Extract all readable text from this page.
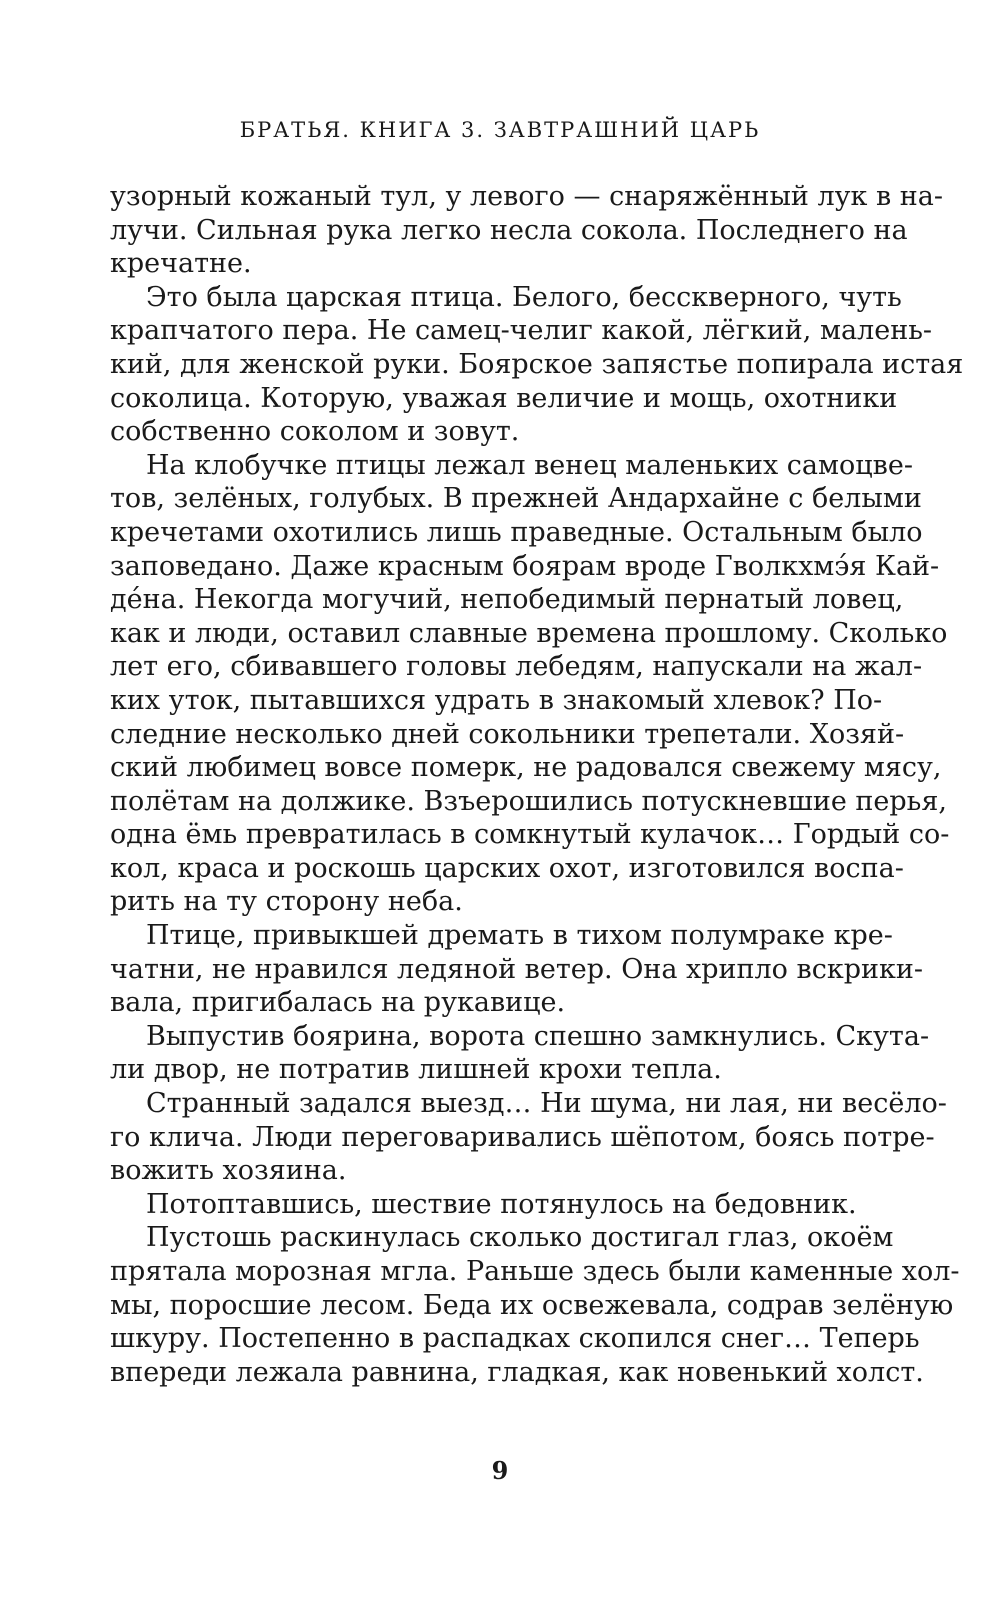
БРАТЬЯ. КНИГА 3. ЗАВТРАШНИЙ ЦАРЬ
узорный кожаный тул, у левого — снаряжённый лук в на-
лучи. Сильная рука легко несла сокола. Последнего на
кречатне.
Это была царская птица. Белого, бесскверного, чуть
крапчатого пера. Не самец-челиг какой, лёгкий, малень-
кий, для женской руки. Боярское запястье попирала истая
соколица. Которую, уважая величие и мощь, охотники
собственно соколом и зовут.
На клобучке птицы лежал венец маленьких самоцве-
тов, зелёных, голубых. В прежней Андархайне с белыми
кречетами охотились лишь праведные. Остальным было
заповедано. Даже красным боярам вроде Гволкхмэ́я Кай-
де́на. Некогда могучий, непобедимый пернатый ловец,
как и люди, оставил славные времена прошлому. Сколько
лет его, сбивавшего головы лебедям, напускали на жал-
ких уток, пытавшихся удрать в знакомый хлевок? По-
следние несколько дней сокольники трепетали. Хозяй-
ский любимец вовсе померк, не радовался свежему мясу,
полётам на должике. Взъерошились потускневшие перья,
одна ёмь превратилась в сомкнутый кулачок… Гордый со-
кол, краса и роскошь царских охот, изготовился воспа-
рить на ту сторону неба.
Птице, привыкшей дремать в тихом полумраке кре-
чатни, не нравился ледяной ветер. Она хрипло вскрики-
вала, пригибалась на рукавице.
Выпустив боярина, ворота спешно замкнулись. Скута-
ли двор, не потратив лишней крохи тепла.
Странный задался выезд… Ни шума, ни лая, ни весёло-
го клича. Люди переговаривались шёпотом, боясь потре-
вожить хозяина.
Потоптавшись, шествие потянулось на бедовник.
Пустошь раскинулась сколько достигал глаз, окоём
прятала морозная мгла. Раньше здесь были каменные хол-
мы, поросшие лесом. Беда их освежевала, содрав зелёную
шкуру. Постепенно в распадках скопился снег… Теперь
впереди лежала равнина, гладкая, как новенький холст.
9
